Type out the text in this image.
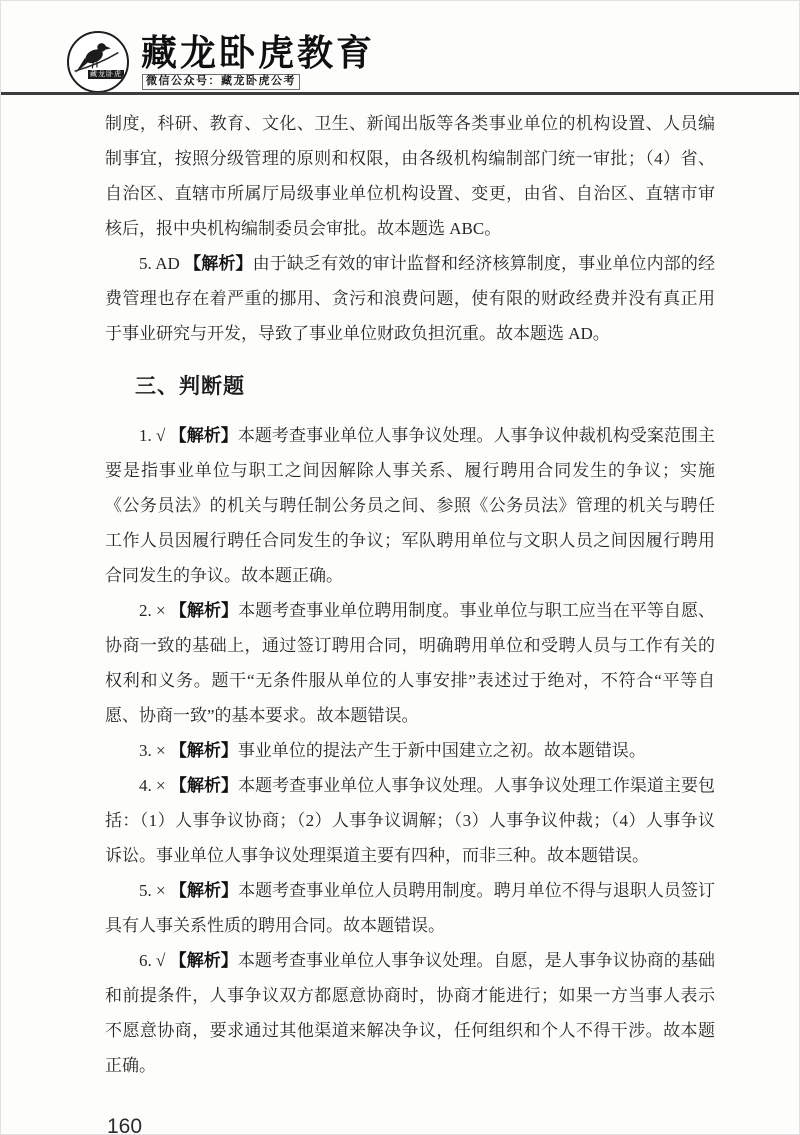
藏龙卧虎
藏龙卧虎教育
微信公众号：藏龙卧虎公考

制度，科研、教育、文化、卫生、新闻出版等各类事业单位的机构设置、人员编制事宜，按照分级管理的原则和权限，由各级机构编制部门统一审批；（4）省、自治区、直辖市所属厅局级事业单位机构设置、变更，由省、自治区、直辖市审核后，报中央机构编制委员会审批。故本题选 ABC。

5. AD 【解析】由于缺乏有效的审计监督和经济核算制度，事业单位内部的经费管理也存在着严重的挪用、贪污和浪费问题，使有限的财政经费并没有真正用于事业研究与开发，导致了事业单位财政负担沉重。故本题选 AD。

三、判断题

1. √ 【解析】本题考查事业单位人事争议处理。人事争议仲裁机构受案范围主要是指事业单位与职工之间因解除人事关系、履行聘用合同发生的争议；实施《公务员法》的机关与聘任制公务员之间、参照《公务员法》管理的机关与聘任工作人员因履行聘任合同发生的争议；军队聘用单位与文职人员之间因履行聘用合同发生的争议。故本题正确。

2. × 【解析】本题考查事业单位聘用制度。事业单位与职工应当在平等自愿、协商一致的基础上，通过签订聘用合同，明确聘用单位和受聘人员与工作有关的权利和义务。题干“无条件服从单位的人事安排”表述过于绝对，不符合“平等自愿、协商一致”的基本要求。故本题错误。

3. × 【解析】事业单位的提法产生于新中国建立之初。故本题错误。

4. × 【解析】本题考查事业单位人事争议处理。人事争议处理工作渠道主要包括：（1）人事争议协商；（2）人事争议调解；（3）人事争议仲裁；（4）人事争议诉讼。事业单位人事争议处理渠道主要有四种，而非三种。故本题错误。

5. × 【解析】本题考查事业单位人员聘用制度。聘月单位不得与退职人员签订具有人事关系性质的聘用合同。故本题错误。

6. √ 【解析】本题考查事业单位人事争议处理。自愿，是人事争议协商的基础和前提条件，人事争议双方都愿意协商时，协商才能进行；如果一方当事人表示不愿意协商，要求通过其他渠道来解决争议，任何组织和个人不得干涉。故本题正确。

160
